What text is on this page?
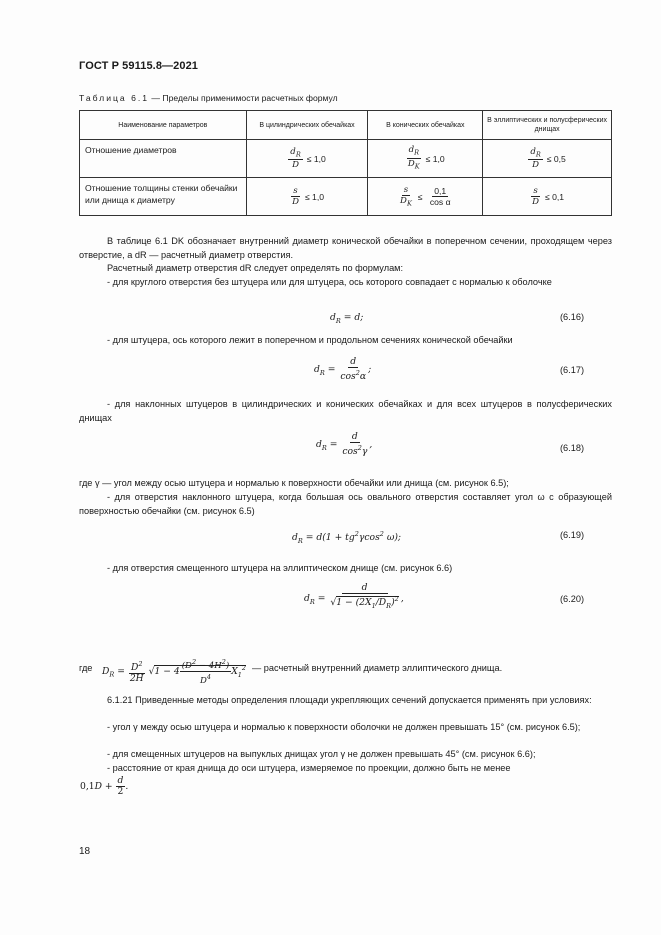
ГОСТ Р 59115.8—2021
Таблица 6.1 — Пределы применимости расчетных формул
Наименование параметров	В цилиндрических обечайках	В конических обечайках	В эллиптических и полусферических днищах
Отношение диаметров	$\frac{d_R}{D} \le 1,0$	$\frac{d_R}{D_K} \le 1,0$	$\frac{d_R}{D} \le 0,5$
Отношение толщины стенки обечайки или днища к диаметру	$\frac{s}{D} \le 1,0$	$\frac{s}{D_K} \le \frac{0,1}{\text{cos α}}$	$\frac{s}{D} \le 0,1$
В таблице 6.1 DK обозначает внутренний диаметр конической обечайки в поперечном сечении, проходящем через отверстие, а dR — расчетный диаметр отверстия.
Расчетный диаметр отверстия dR следует определять по формулам:
- для круглого отверстия без штуцера или для штуцера, ось которого совпадает с нормалью к оболочке
$d_R = d$;	(6.16)
- для штуцера, ось которого лежит в поперечном и продольном сечениях конической обечайки
$d_R = \frac{d}{\cos^2\alpha}$ ;	(6.17)
- для наклонных штуцеров в цилиндрических и конических обечайках и для всех штуцеров в полусферических днищах
$d_R = \frac{d}{\cos^2\gamma}$ ,	(6.18)
где γ — угол между осью штуцера и нормалью к поверхности обечайки или днища (см. рисунок 6.5);
- для отверстия наклонного штуцера, когда большая ось овального отверстия составляет угол ω с образующей поверхностью обечайки (см. рисунок 6.5)
$d_R = d(1 + tg^2\gamma\cos^2$ ω);	(6.19)
- для отверстия смещенного штуцера на эллиптическом днище (см. рисунок 6.6)
$d_R = \frac{d}{√1 - (2X_1/D_R)^2}$ ,	(6.20)
где $D_R = \frac{D^2}{2H} √1 - 4 \frac{(D^2 - 4H^2)}{D^4} X_1^2$ — расчетный внутренний диаметр эллиптического днища.
6.1.21 Приведенные методы определения площади укрепляющих сечений допускается применять при условиях:
- угол γ между осью штуцера и нормалью к поверхности оболочки не должен превышать 15° (см. рисунок 6.5);
- для смещенных штуцеров на выпуклых днищах угол γ не должен превышать 45° (см. рисунок 6.6);
- расстояние от края днища до оси штуцера, измеряемое по проекции, должно быть не менее
$0,1D + \frac{d}{2}$ .
18
